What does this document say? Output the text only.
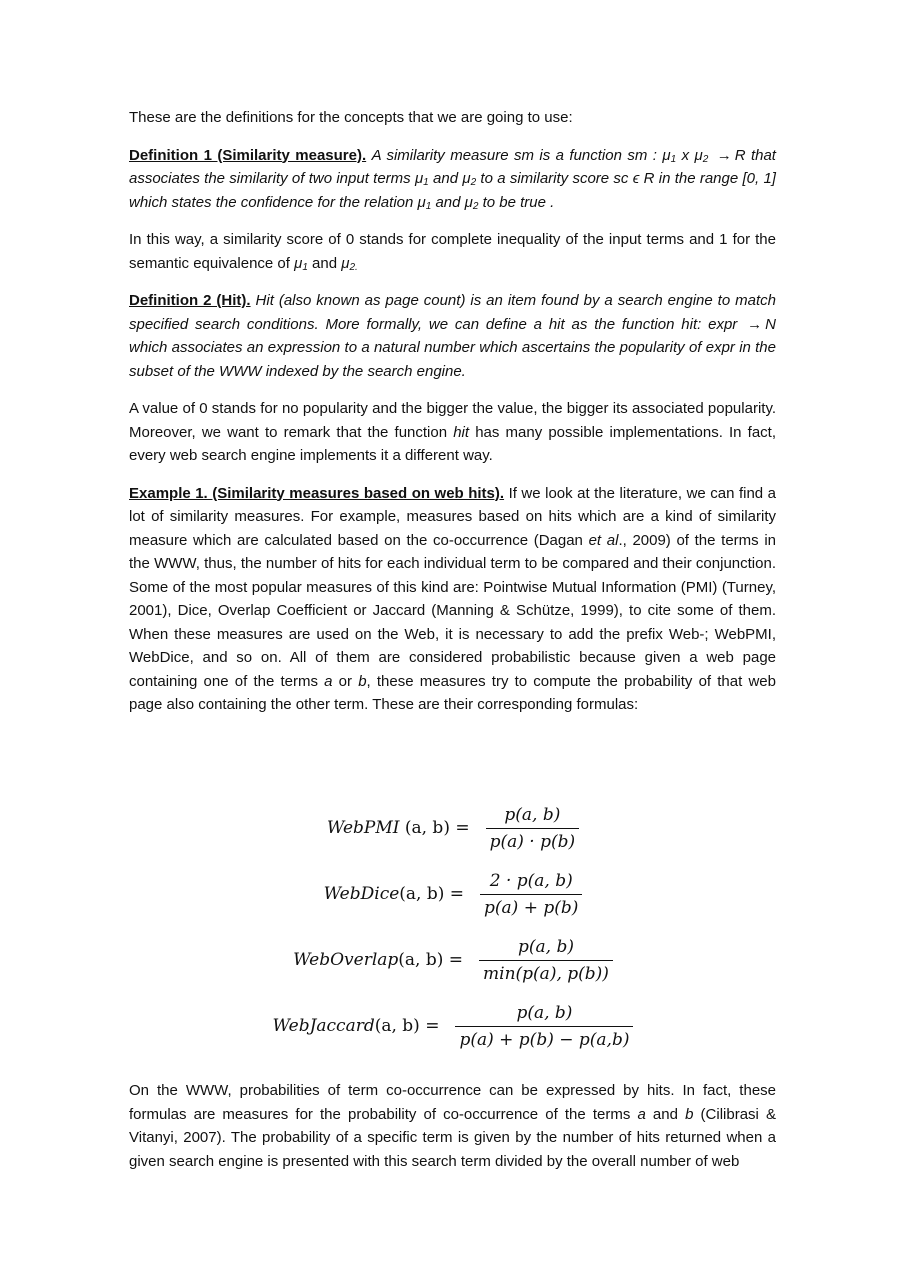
These are the definitions for the concepts that we are going to use:

Definition 1 (Similarity measure). A similarity measure sm is a function sm : $\mu_1$ x $\mu_2 \to R$ that associates the similarity of two input terms $\mu_1$ and $\mu_2$ to a similarity score sc ϵ R in the range [0, 1] which states the confidence for the relation $\mu_1$ and $\mu_2$ to be true .

In this way, a similarity score of 0 stands for complete inequality of the input terms and 1 for the semantic equivalence of $\mu_1$ and $\mu_{2.}$

Definition 2 (Hit). Hit (also known as page count) is an item found by a search engine to match specified search conditions. More formally, we can define a hit as the function hit: expr → N which associates an expression to a natural number which ascertains the popularity of expr in the subset of the WWW indexed by the search engine.

A value of 0 stands for no popularity and the bigger the value, the bigger its associated popularity. Moreover, we want to remark that the function hit has many possible implementations. In fact, every web search engine implements it a different way.

Example 1. (Similarity measures based on web hits). If we look at the literature, we can find a lot of similarity measures. For example, measures based on hits which are a kind of similarity measure which are calculated based on the co-occurrence (Dagan et al., 2009) of the terms in the WWW, thus, the number of hits for each individual term to be compared and their conjunction. Some of the most popular measures of this kind are: Pointwise Mutual Information (PMI) (Turney, 2001), Dice, Overlap Coefficient or Jaccard (Manning & Schütze, 1999), to cite some of them. When these measures are used on the Web, it is necessary to add the prefix Web-; WebPMI, WebDice, and so on. All of them are considered probabilistic because given a web page containing one of the terms a or b, these measures try to compute the probability of that web page also containing the other term. These are their corresponding formulas:

WebPMI (a, $b) = \frac{p(a, b)}{p(a) \cdot p(b)}$
WebDice(a, $b) = \frac{2 \cdot p(a, b)}{p(a) + p(b)}$
WebOverlap(a, $b) = \frac{p(a, b)}{\min(p(a), p(b))}$
WebJaccard(a, $b) = \frac{p(a, b)}{p(a) + p(b) - p(a,b)}$
On the WWW, probabilities of term co-occurrence can be expressed by hits. In fact, these formulas are measures for the probability of co-occurrence of the terms a and b (Cilibrasi & Vitanyi, 2007). The probability of a specific term is given by the number of hits returned when a given search engine is presented with this search term divided by the overall number of web
